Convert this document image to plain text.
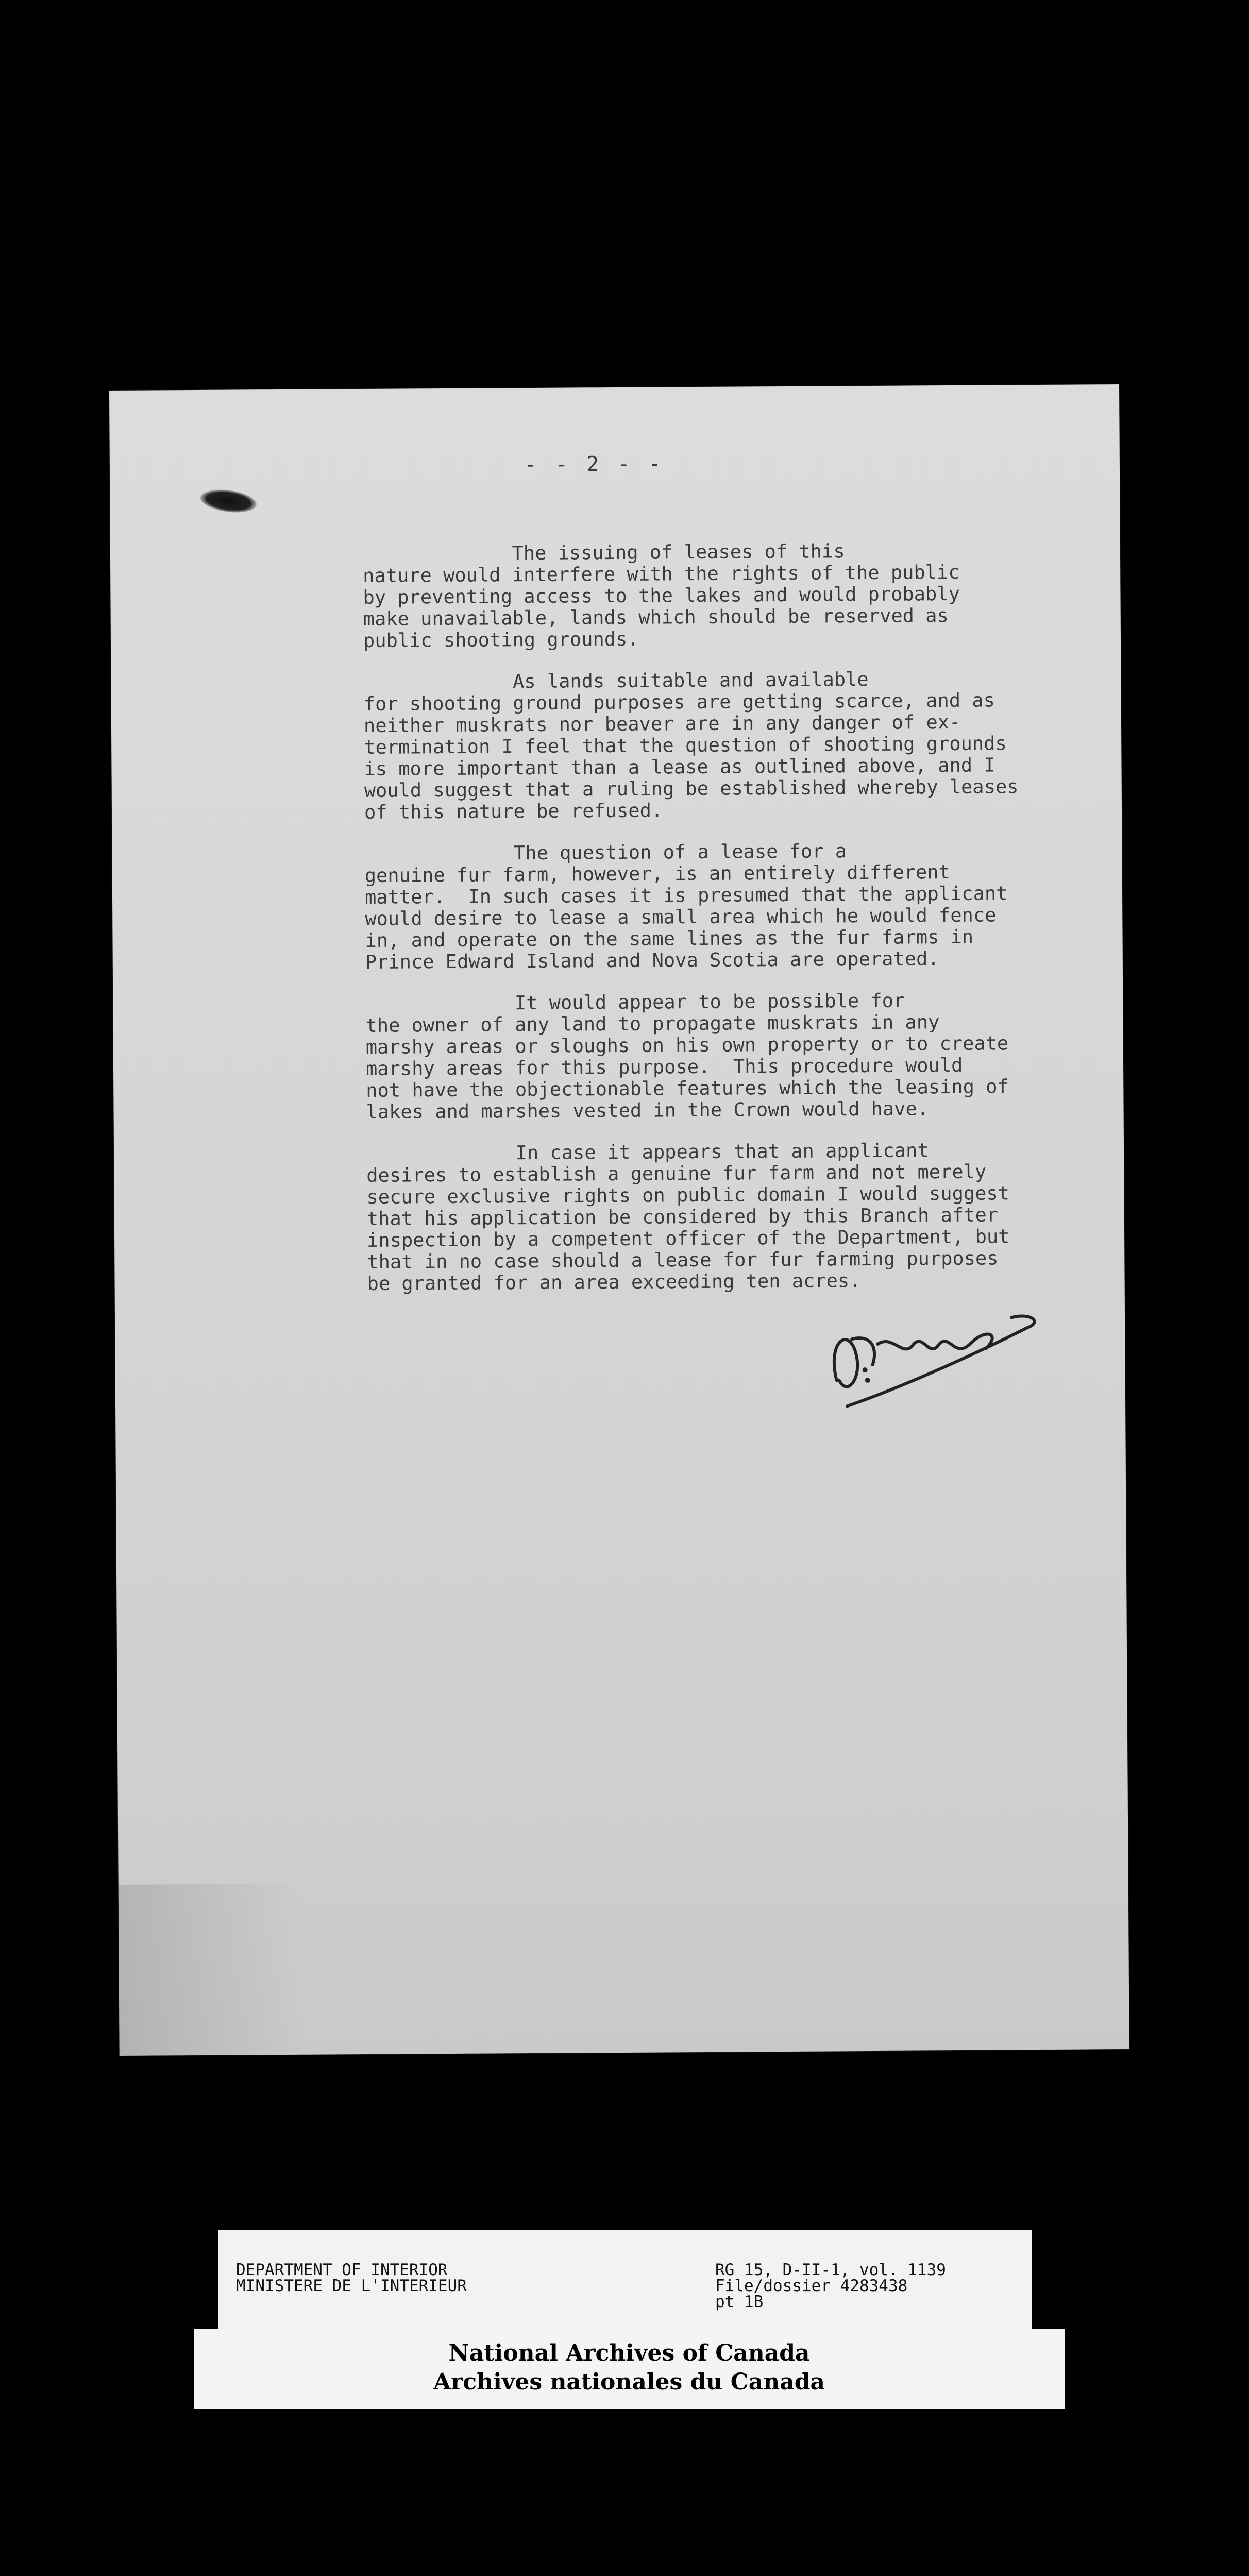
- - 2 - -

The issuing of leases of this
nature would interfere with the rights of the public
by preventing access to the lakes and would probably
make unavailable, lands which should be reserved as
public shooting grounds.

As lands suitable and available
for shooting ground purposes are getting scarce, and as
neither muskrats nor beaver are in any danger of ex-
termination I feel that the question of shooting grounds
is more important than a lease as outlined above, and I
would suggest that a ruling be established whereby leases
of this nature be refused.

The question of a lease for a
genuine fur farm, however, is an entirely different
matter.  In such cases it is presumed that the applicant
would desire to lease a small area which he would fence
in, and operate on the same lines as the fur farms in
Prince Edward Island and Nova Scotia are operated.

It would appear to be possible for
the owner of any land to propagate muskrats in any
marshy areas or sloughs on his own property or to create
marshy areas for this purpose.  This procedure would
not have the objectionable features which the leasing of
lakes and marshes vested in the Crown would have.

In case it appears that an applicant
desires to establish a genuine fur farm and not merely
secure exclusive rights on public domain I would suggest
that his application be considered by this Branch after
inspection by a competent officer of the Department, but
that in no case should a lease for fur farming purposes
be granted for an area exceeding ten acres.

DEPARTMENT OF INTERIOR
MINISTERE DE L'INTERIEUR
RG 15, D-II-1, vol. 1139
File/dossier 4283438
pt 1B
National Archives of Canada
Archives nationales du Canada
